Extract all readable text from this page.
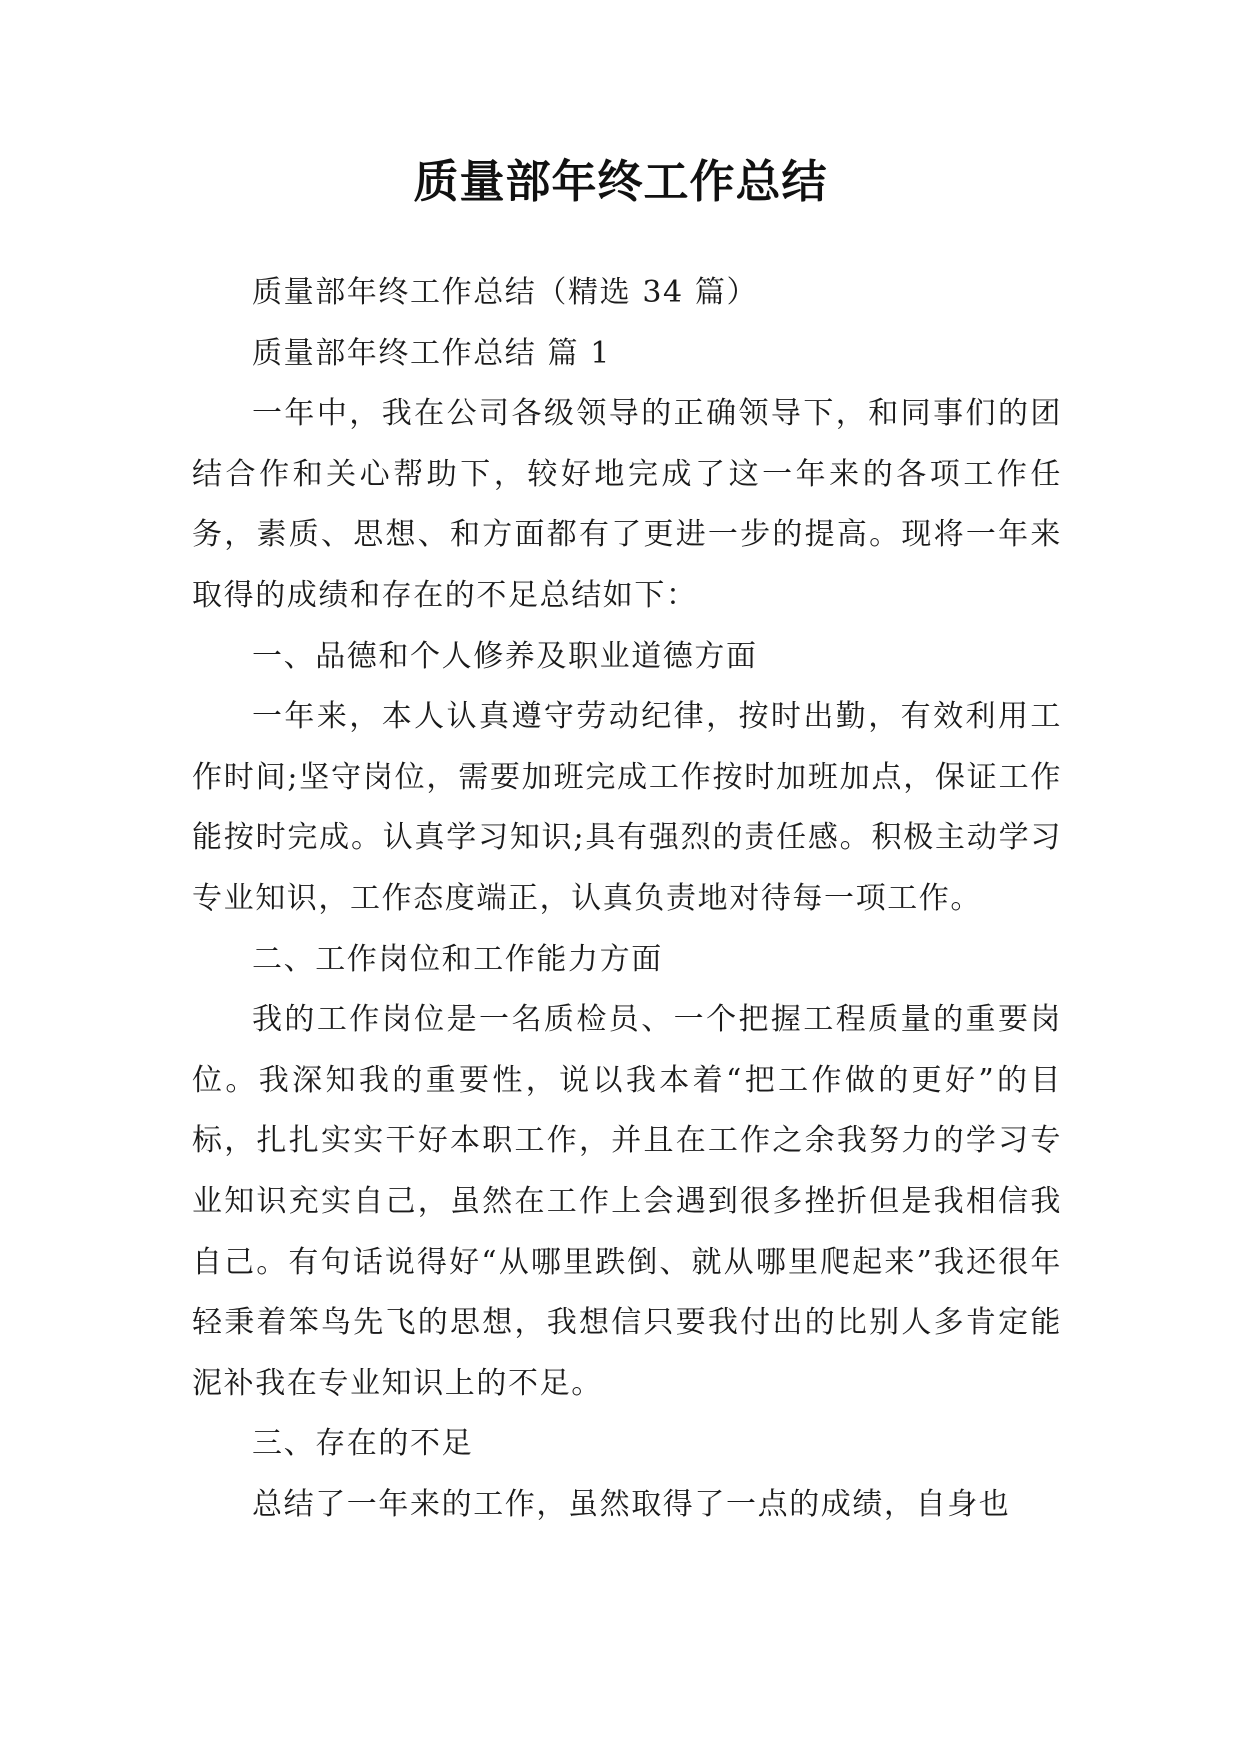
质量部年终工作总结

质量部年终工作总结（精选 34 篇）

质量部年终工作总结 篇 1

一年中，我在公司各级领导的正确领导下，和同事们的团结合作和关心帮助下，较好地完成了这一年来的各项工作任务，素质、思想、和方面都有了更进一步的提高。现将一年来取得的成绩和存在的不足总结如下：

一、品德和个人修养及职业道德方面

一年来，本人认真遵守劳动纪律，按时出勤，有效利用工作时间;坚守岗位，需要加班完成工作按时加班加点，保证工作能按时完成。认真学习知识;具有强烈的责任感。积极主动学习专业知识，工作态度端正，认真负责地对待每一项工作。

二、工作岗位和工作能力方面

我的工作岗位是一名质检员、一个把握工程质量的重要岗位。我深知我的重要性，说以我本着“把工作做的更好”的目标，扎扎实实干好本职工作，并且在工作之余我努力的学习专业知识充实自己，虽然在工作上会遇到很多挫折但是我相信我自己。有句话说得好“从哪里跌倒、就从哪里爬起来”我还很年轻秉着笨鸟先飞的思想，我想信只要我付出的比别人多肯定能泥补我在专业知识上的不足。

三、存在的不足

总结了一年来的工作，虽然取得了一点的成绩，自身也
